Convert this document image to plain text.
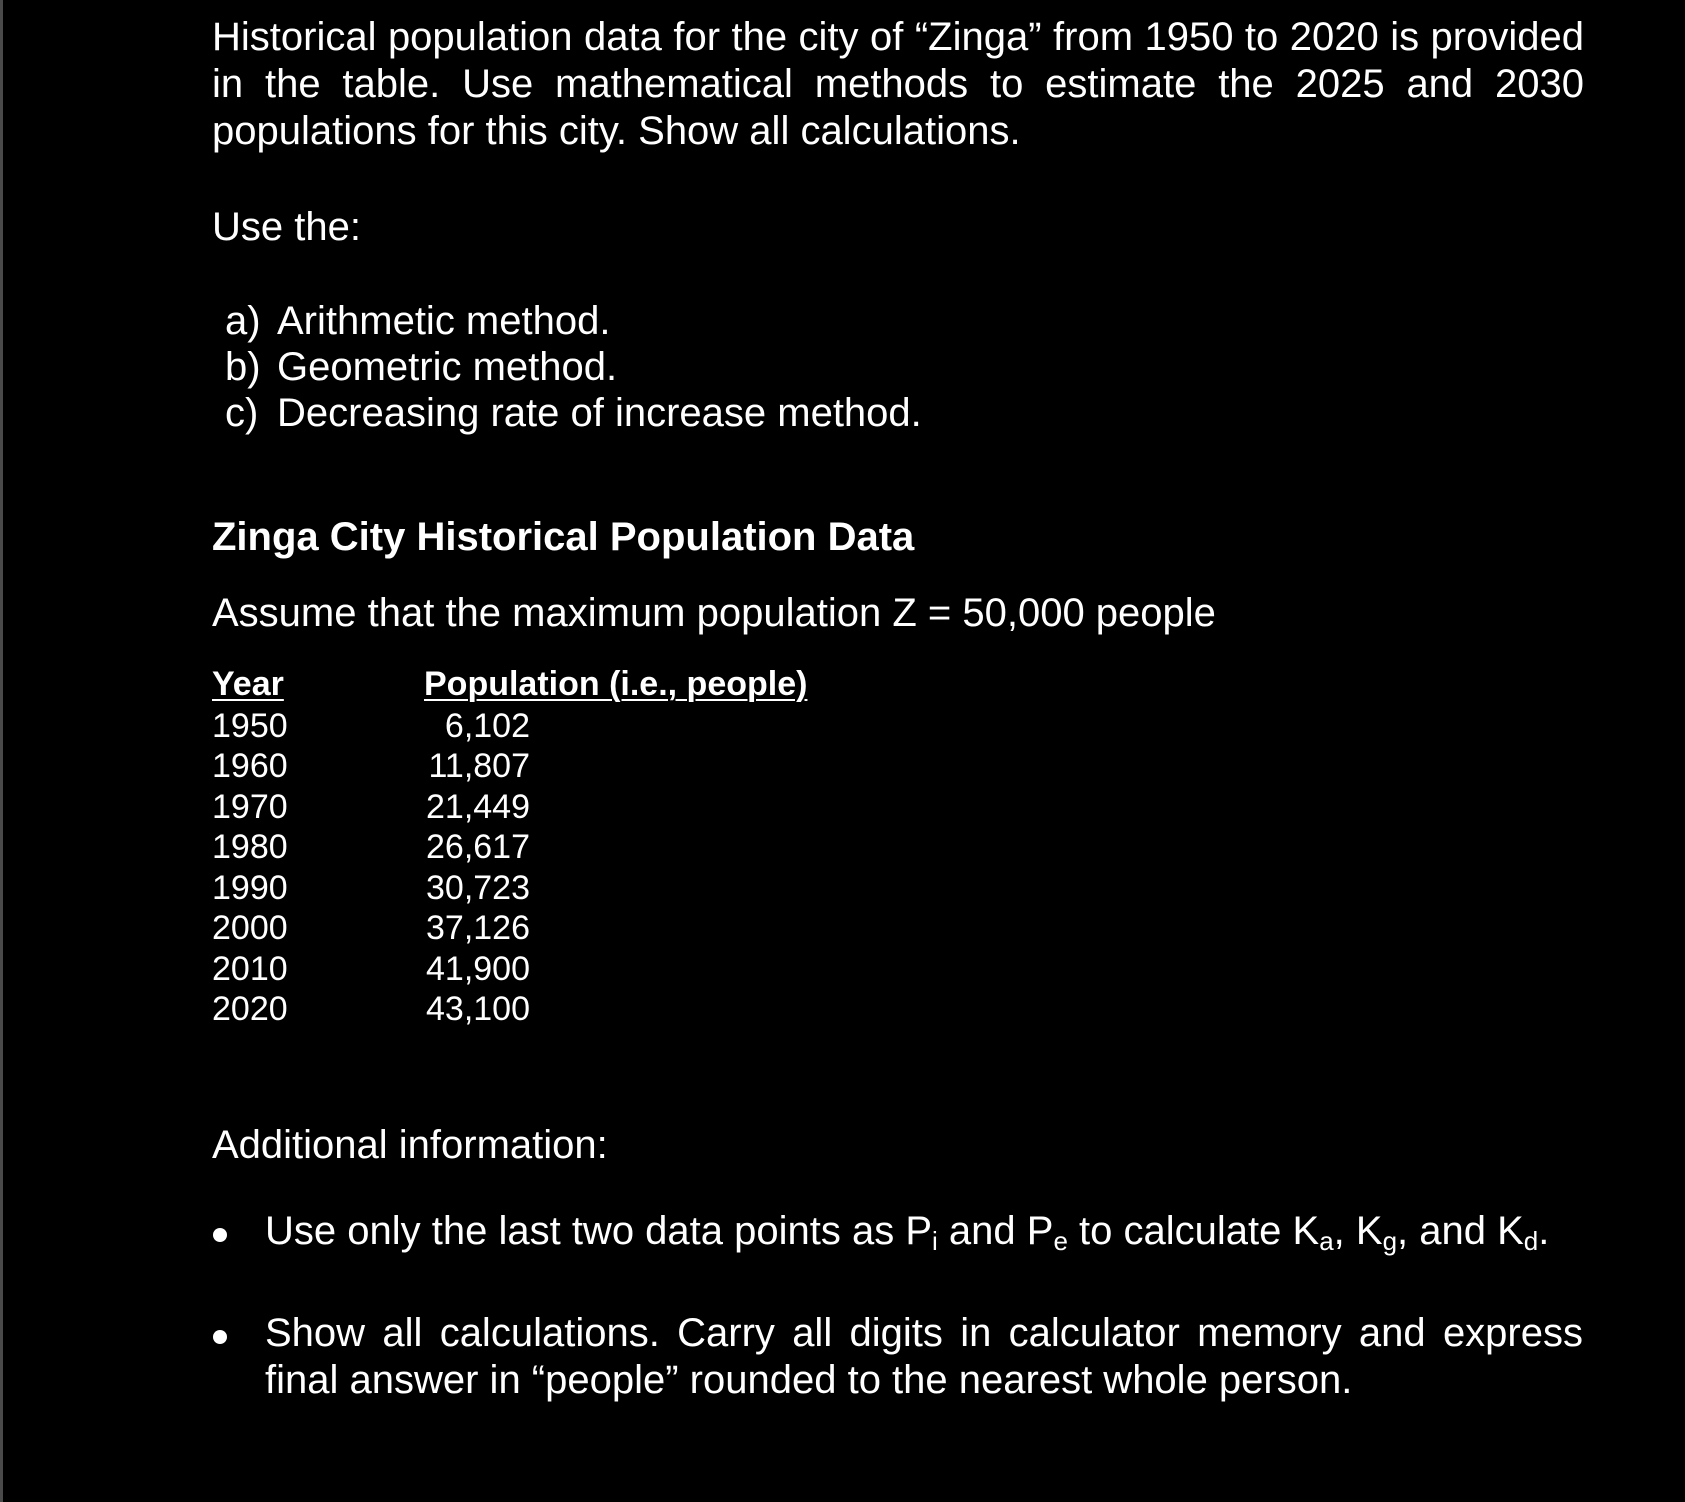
Historical population data for the city of “Zinga” from 1950 to 2020 is provided in the table. Use mathematical methods to estimate the 2025 and 2030

populations for this city. Show all calculations.

Use the:

a) Arithmetic method.
b) Geometric method.
c) Decreasing rate of increase method.

Zinga City Historical Population Data

Assume that the maximum population Z = 50,000 people

Year	Population (i.e., people)
1950	6,102
1960	11,807
1970	21,449
1980	26,617
1990	30,723
2000	37,126
2010	41,900
2020	43,100

Additional information:

Use only the last two data points as $P_i$ and $P_e$ to calculate $K_a$, $K_g$, and $K_d$.

Show all calculations. Carry all digits in calculator memory and express

final answer in “people” rounded to the nearest whole person.
